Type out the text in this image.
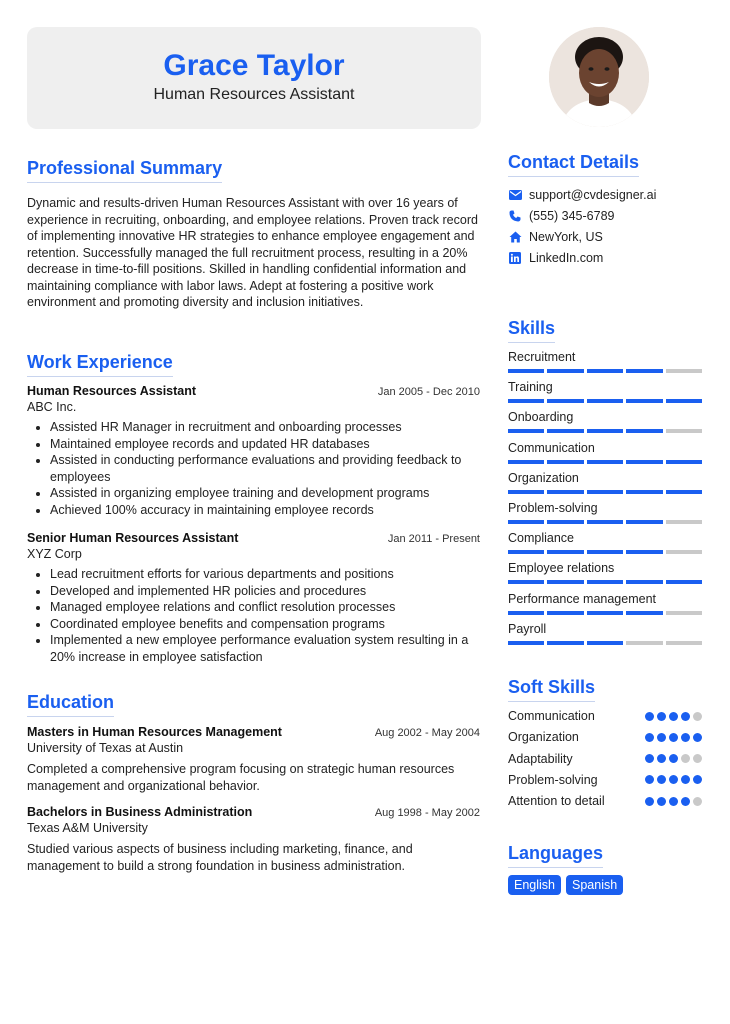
Grace Taylor
Human Resources Assistant
Professional Summary
Dynamic and results-driven Human Resources Assistant with over 16 years of experience in recruiting, onboarding, and employee relations. Proven track record of implementing innovative HR strategies to enhance employee engagement and retention. Successfully managed the full recruitment process, resulting in a 20% decrease in time-to-fill positions. Skilled in handling confidential information and maintaining compliance with labor laws. Adept at fostering a positive work environment and promoting diversity and inclusion initiatives.
Work Experience
Human Resources Assistant	Jan 2005 - Dec 2010
ABC Inc.
• Assisted HR Manager in recruitment and onboarding processes
• Maintained employee records and updated HR databases
• Assisted in conducting performance evaluations and providing feedback to employees
• Assisted in organizing employee training and development programs
• Achieved 100% accuracy in maintaining employee records
Senior Human Resources Assistant	Jan 2011 - Present
XYZ Corp
• Lead recruitment efforts for various departments and positions
• Developed and implemented HR policies and procedures
• Managed employee relations and conflict resolution processes
• Coordinated employee benefits and compensation programs
• Implemented a new employee performance evaluation system resulting in a 20% increase in employee satisfaction
Education
Masters in Human Resources Management	Aug 2002 - May 2004
University of Texas at Austin
Completed a comprehensive program focusing on strategic human resources management and organizational behavior.
Bachelors in Business Administration	Aug 1998 - May 2002
Texas A&M University
Studied various aspects of business including marketing, finance, and management to build a strong foundation in business administration.
Contact Details
support@cvdesigner.ai
(555) 345-6789
NewYork, US
LinkedIn.com
Skills
Recruitment
Training
Onboarding
Communication
Organization
Problem-solving
Compliance
Employee relations
Performance management
Payroll
Soft Skills
Communication
Organization
Adaptability
Problem-solving
Attention to detail
Languages
English	Spanish
